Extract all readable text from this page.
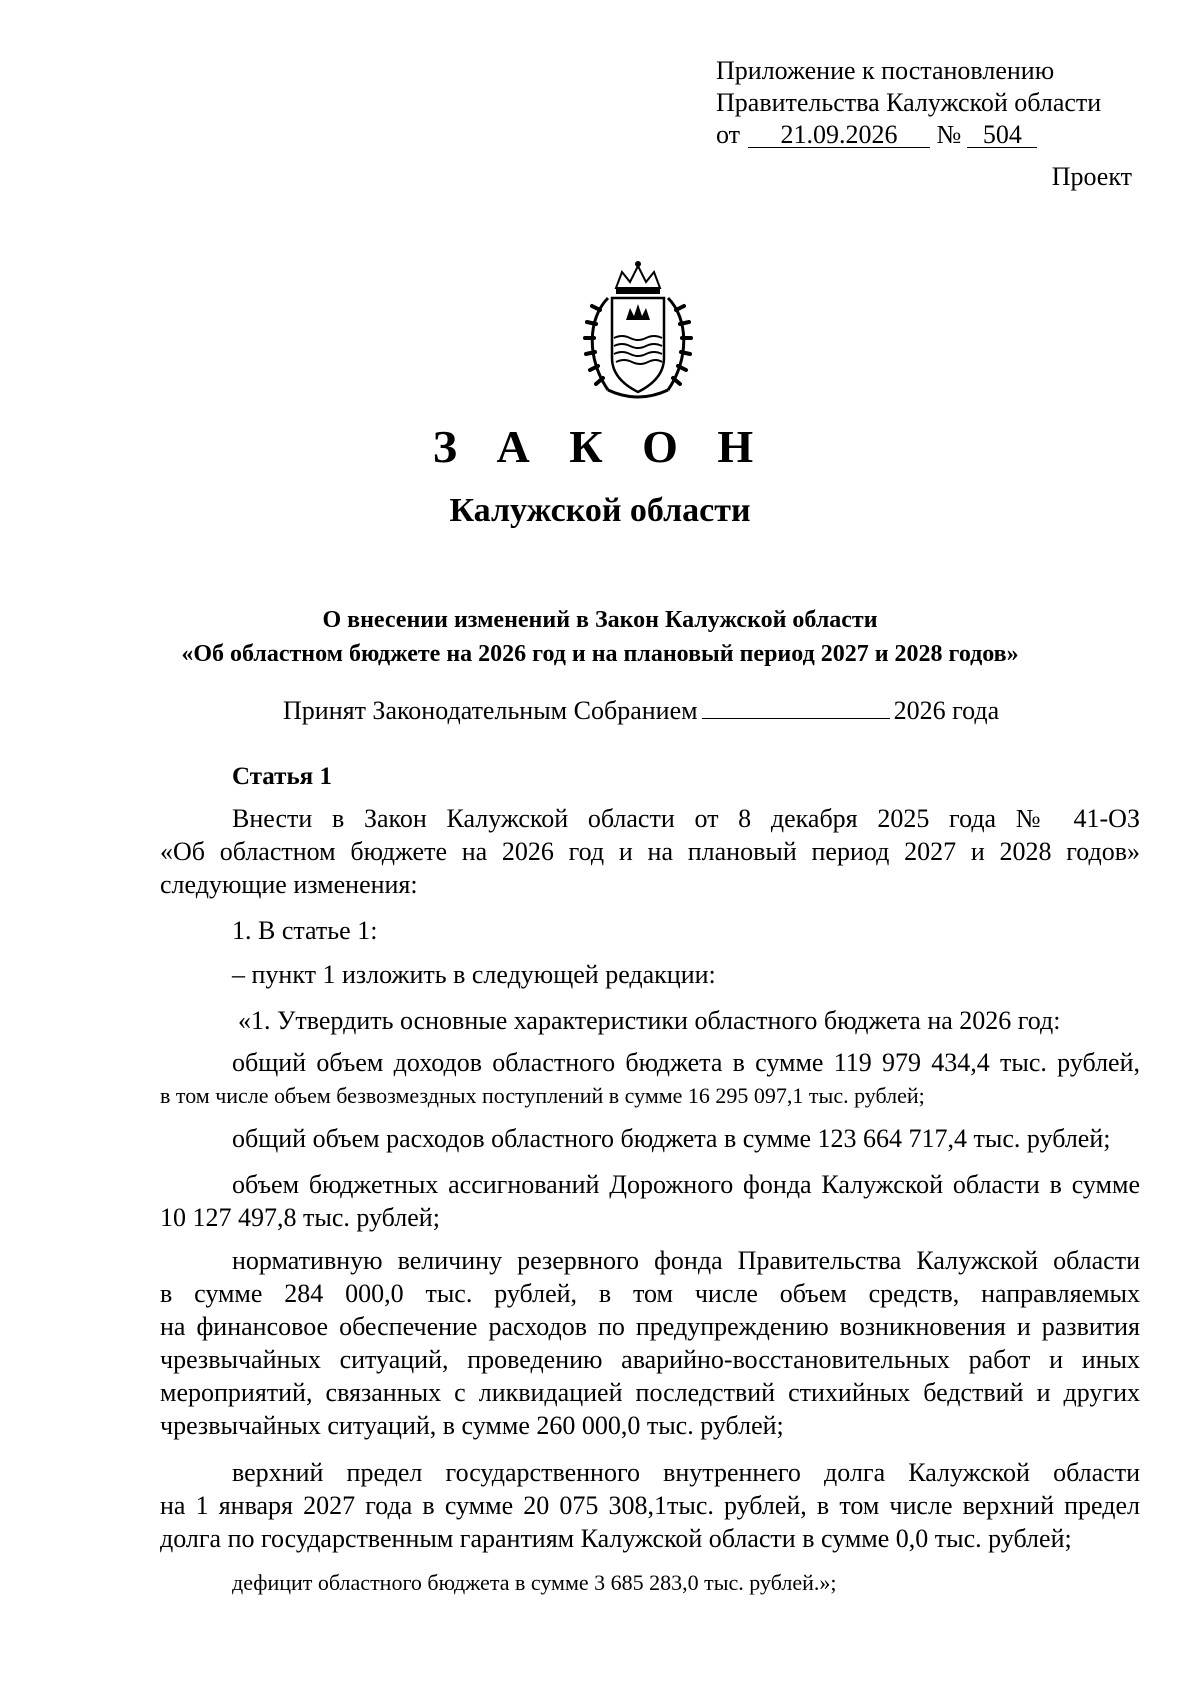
Приложение к постановлению
Правительства Калужской области
от 21.09.2026 № 504
Проект
З А К О Н
Калужской области
О внесении изменений в Закон Калужской области
«Об областном бюджете на 2026 год и на плановый период 2027 и 2028 годов»
Принят Законодательным Собранием	2026 года
Статья 1

Внести в Закон Калужской области от 8 декабря 2025 года № 41-ОЗ

«Об областном бюджете на 2026 год и на плановый период 2027 и 2028 годов»

следующие изменения:

1. В статье 1:

– пункт 1 изложить в следующей редакции:

«1. Утвердить основные характеристики областного бюджета на 2026 год:

общий объем доходов областного бюджета в сумме 119 979 434,4 тыс. рублей,

в том числе объем безвозмездных поступлений в сумме 16 295 097,1 тыс. рублей;

общий объем расходов областного бюджета в сумме 123 664 717,4 тыс. рублей;

объем бюджетных ассигнований Дорожного фонда Калужской области в сумме

10 127 497,8 тыс. рублей;

нормативную величину резервного фонда Правительства Калужской области

в сумме 284 000,0 тыс. рублей, в том числе объем средств, направляемых

на финансовое обеспечение расходов по предупреждению возникновения и развития

чрезвычайных ситуаций, проведению аварийно-восстановительных работ и иных

мероприятий, связанных с ликвидацией последствий стихийных бедствий и других

чрезвычайных ситуаций, в сумме 260 000,0 тыс. рублей;

верхний предел государственного внутреннего долга Калужской области

на 1 января 2027 года в сумме 20 075 308,1тыс. рублей, в том числе верхний предел

долга по государственным гарантиям Калужской области в сумме 0,0 тыс. рублей;

дефицит областного бюджета в сумме 3 685 283,0 тыс. рублей.»;
